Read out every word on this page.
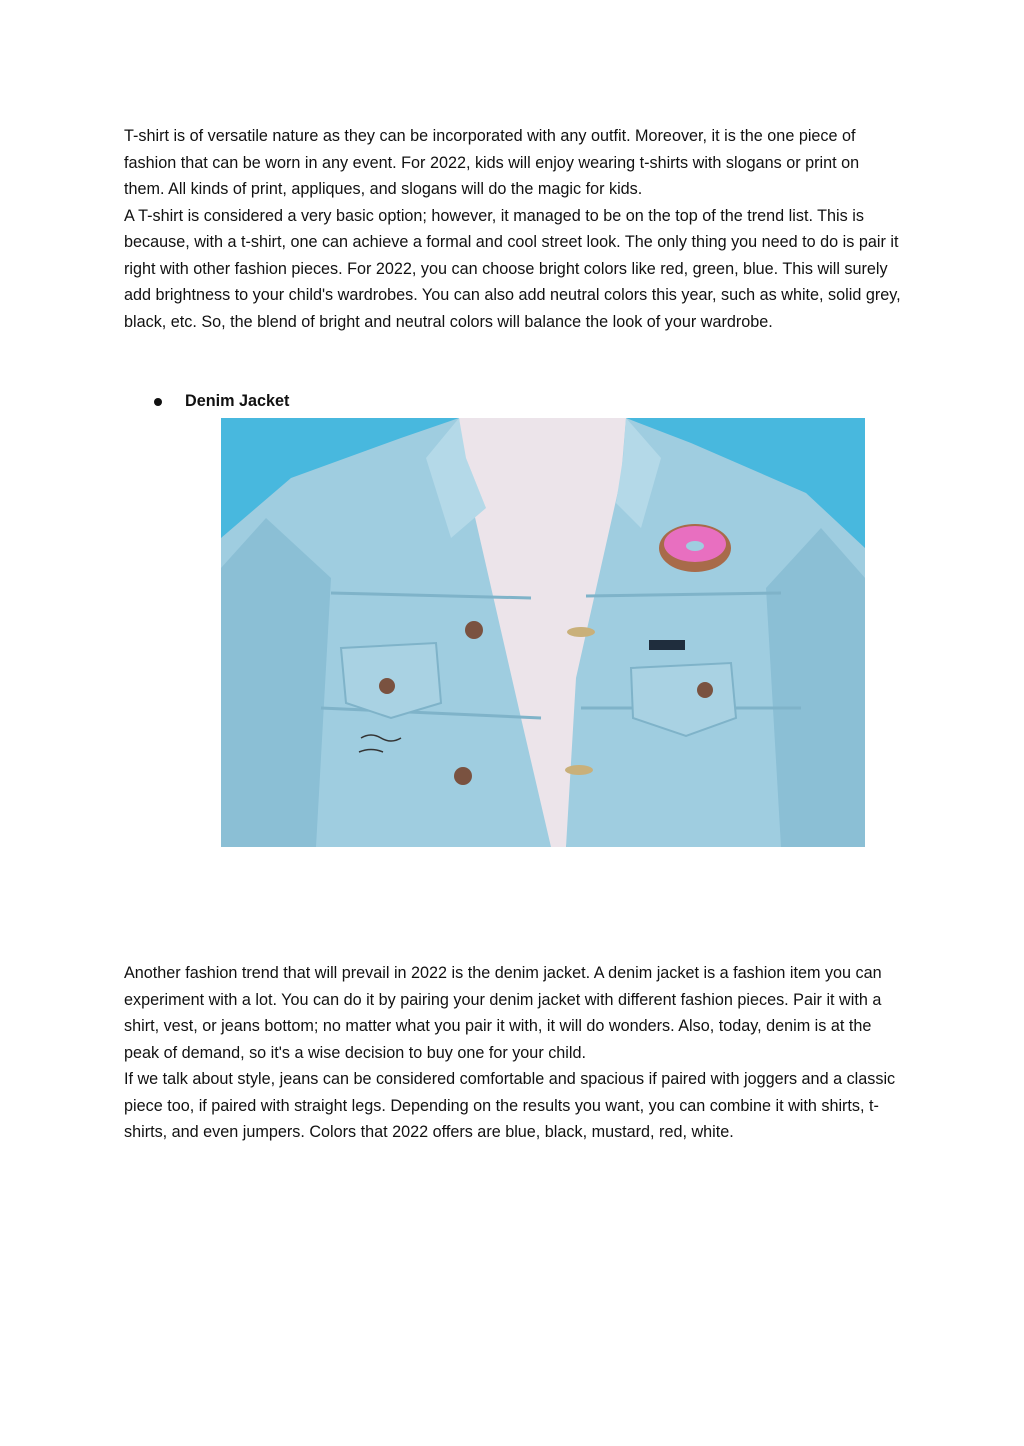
T-shirt is of versatile nature as they can be incorporated with any outfit. Moreover, it is the one piece of fashion that can be worn in any event. For 2022, kids will enjoy wearing t-shirts with slogans or print on them. All kinds of print, appliques, and slogans will do the magic for kids.

A T-shirt is considered a very basic option; however, it managed to be on the top of the trend list. This is because, with a t-shirt, one can achieve a formal and cool street look. The only thing you need to do is pair it right with other fashion pieces. For 2022, you can choose bright colors like red, green, blue. This will surely add brightness to your child's wardrobes. You can also add neutral colors this year, such as white, solid grey, black, etc. So, the blend of bright and neutral colors will balance the look of your wardrobe.

Denim Jacket

Another fashion trend that will prevail in 2022 is the denim jacket. A denim jacket is a fashion item you can experiment with a lot. You can do it by pairing your denim jacket with different fashion pieces. Pair it with a shirt, vest, or jeans bottom; no matter what you pair it with, it will do wonders. Also, today, denim is at the peak of demand, so it's a wise decision to buy one for your child.

If we talk about style, jeans can be considered comfortable and spacious if paired with joggers and a classic piece too, if paired with straight legs. Depending on the results you want, you can combine it with shirts, t-shirts, and even jumpers. Colors that 2022 offers are blue, black, mustard, red, white.
